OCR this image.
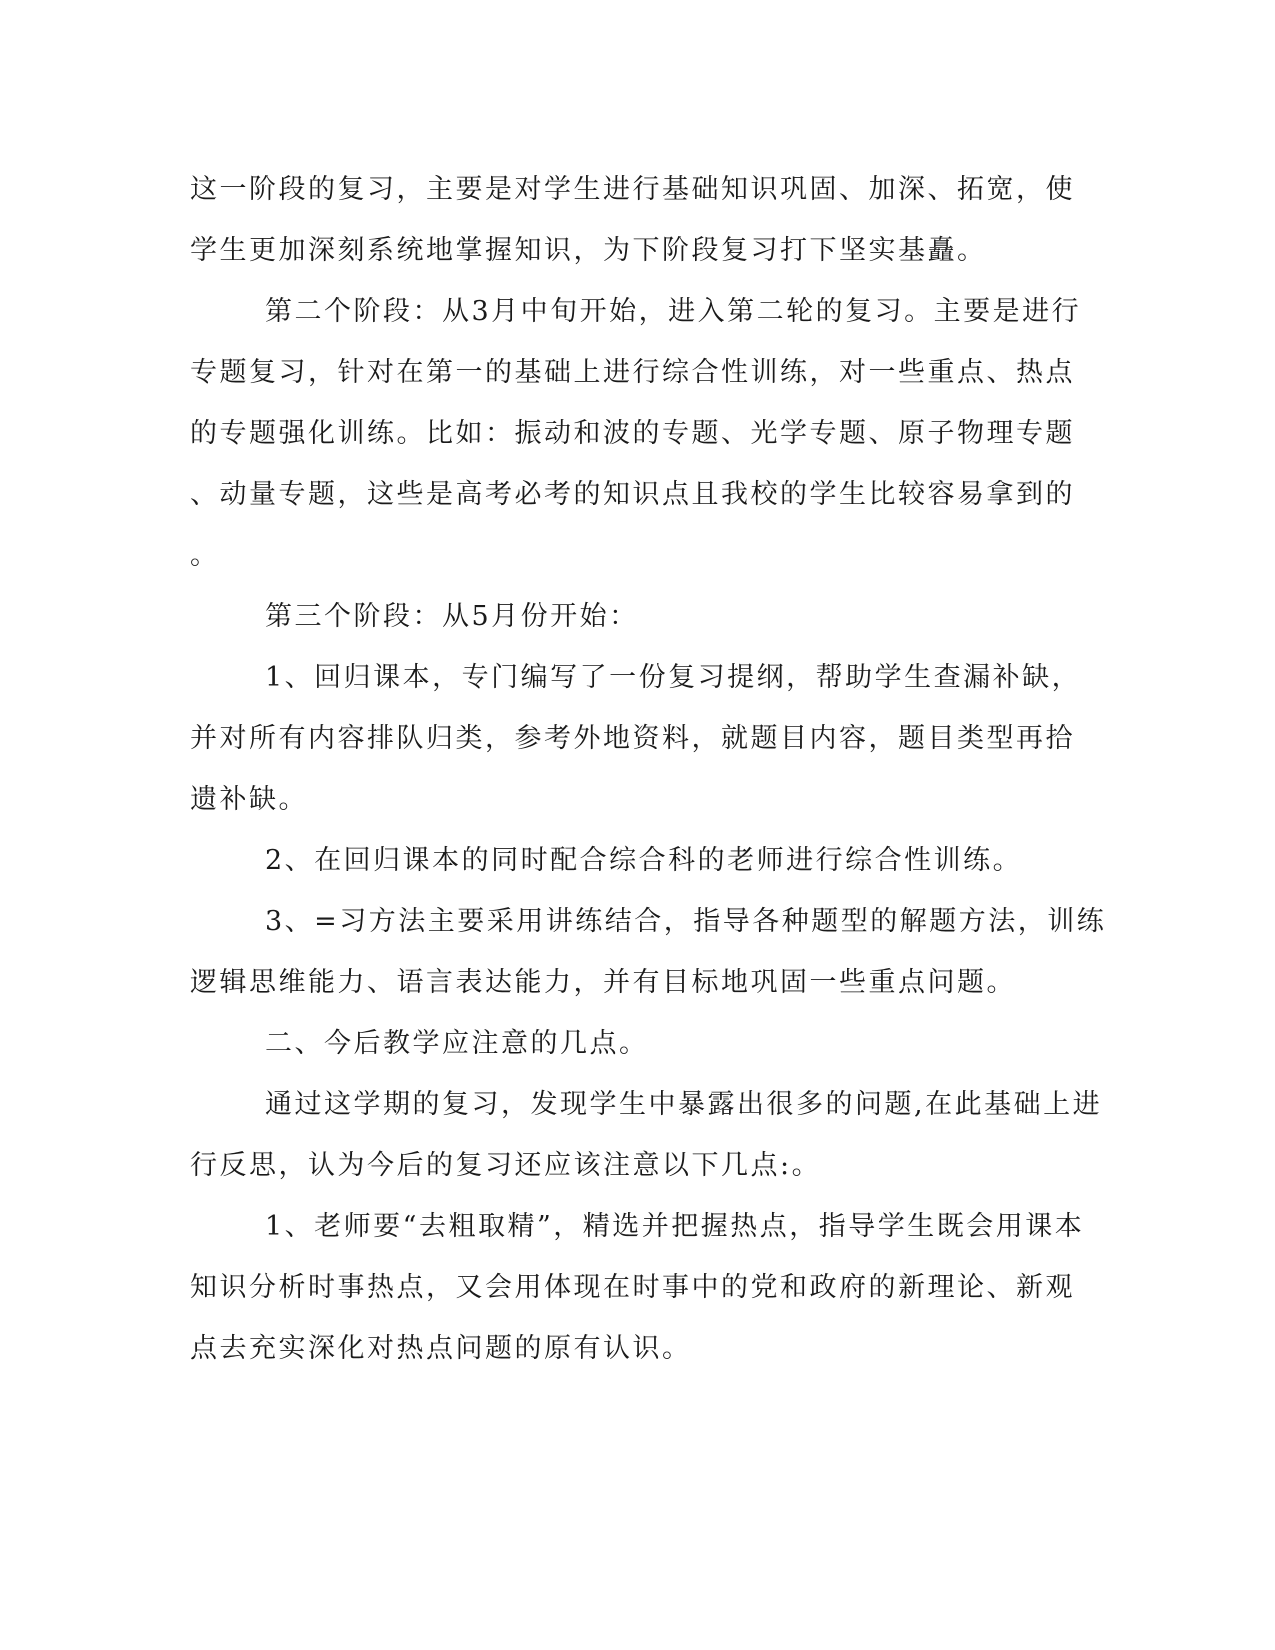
这一阶段的复习，主要是对学生进行基础知识巩固、加深、拓宽，使
学生更加深刻系统地掌握知识，为下阶段复习打下坚实基矗。
第二个阶段：从3月中旬开始，进入第二轮的复习。主要是进行
专题复习，针对在第一的基础上进行综合性训练，对一些重点、热点
的专题强化训练。比如：振动和波的专题、光学专题、原子物理专题
、动量专题，这些是高考必考的知识点且我校的学生比较容易拿到的
。
第三个阶段：从5月份开始：
1、回归课本，专门编写了一份复习提纲，帮助学生查漏补缺，
并对所有内容排队归类，参考外地资料，就题目内容，题目类型再拾
遗补缺。
2、在回归课本的同时配合综合科的老师进行综合性训练。
3、=习方法主要采用讲练结合，指导各种题型的解题方法，训练
逻辑思维能力、语言表达能力，并有目标地巩固一些重点问题。
二、今后教学应注意的几点。
通过这学期的复习，发现学生中暴露出很多的问题,在此基础上进
行反思，认为今后的复习还应该注意以下几点:。
1、老师要“去粗取精”，精选并把握热点，指导学生既会用课本
知识分析时事热点，又会用体现在时事中的党和政府的新理论、新观
点去充实深化对热点问题的原有认识。
